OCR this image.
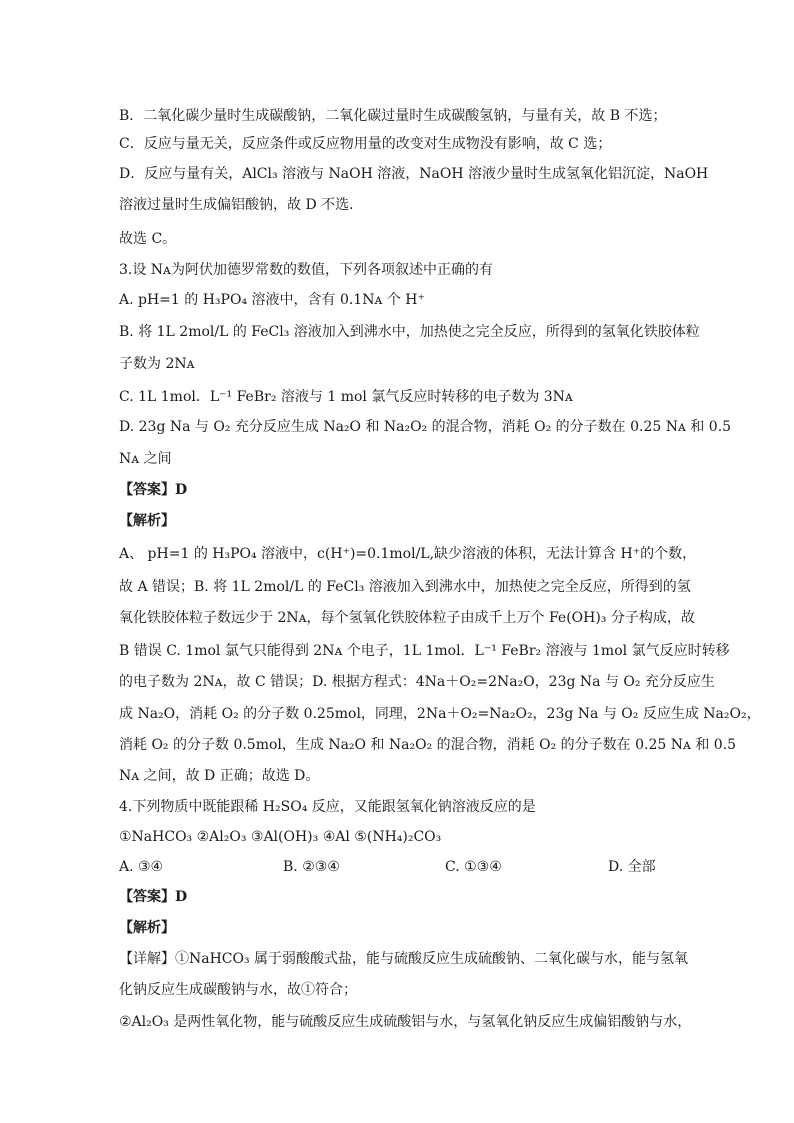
B．二氧化碳少量时生成碳酸钠，二氧化碳过量时生成碳酸氢钠，与量有关，故 B 不选；
C．反应与量无关，反应条件或反应物用量的改变对生成物没有影响，故 C 选；
D．反应与量有关，AlCl₃ 溶液与 NaOH 溶液，NaOH 溶液少量时生成氢氧化铝沉淀，NaOH
溶液过量时生成偏铝酸钠，故 D 不选．
故选 C。
3.设 Nᴀ为阿伏加德罗常数的数值，下列各项叙述中正确的有
A. pH=1 的 H₃PO₄ 溶液中，含有 0.1Nᴀ 个 H⁺
B. 将 1L 2mol/L 的 FeCl₃ 溶液加入到沸水中，加热使之完全反应，所得到的氢氧化铁胶体粒
子数为 2Nᴀ
C. 1L 1mol．L⁻¹ FeBr₂ 溶液与 1 mol 氯气反应时转移的电子数为 3Nᴀ
D. 23g Na 与 O₂ 充分反应生成 Na₂O 和 Na₂O₂ 的混合物，消耗 O₂ 的分子数在 0.25 Nᴀ 和 0.5
Nᴀ 之间
【答案】D
【解析】
A、 pH=1 的 H₃PO₄ 溶液中，c(H⁺)=0.1mol/L,缺少溶液的体积，无法计算含 H⁺的个数，
故 A 错误；B. 将 1L 2mol/L 的 FeCl₃ 溶液加入到沸水中，加热使之完全反应，所得到的氢
氧化铁胶体粒子数远少于 2Nᴀ，每个氢氧化铁胶体粒子由成千上万个 Fe(OH)₃ 分子构成，故
B 错误 C. 1mol 氯气只能得到 2Nᴀ 个电子，1L 1mol．L⁻¹ FeBr₂ 溶液与 1mol 氯气反应时转移
的电子数为 2Nᴀ，故 C 错误；D. 根据方程式：4Na＋O₂=2Na₂O，23g Na 与 O₂ 充分反应生
成 Na₂O，消耗 O₂ 的分子数 0.25mol，同理，2Na＋O₂=Na₂O₂，23g Na 与 O₂ 反应生成 Na₂O₂，
消耗 O₂ 的分子数 0.5mol，生成 Na₂O 和 Na₂O₂ 的混合物，消耗 O₂ 的分子数在 0.25 Nᴀ 和 0.5
Nᴀ 之间，故 D 正确；故选 D。
4.下列物质中既能跟稀 H₂SO₄ 反应，又能跟氢氧化钠溶液反应的是
①NaHCO₃ ②Al₂O₃ ③Al(OH)₃ ④Al ⑤(NH₄)₂CO₃
A. ③④	B. ②③④	C. ①③④	D. 全部
【答案】D
【解析】
【详解】①NaHCO₃ 属于弱酸酸式盐，能与硫酸反应生成硫酸钠、二氧化碳与水，能与氢氧
化钠反应生成碳酸钠与水，故①符合；
②Al₂O₃ 是两性氧化物，能与硫酸反应生成硫酸铝与水，与氢氧化钠反应生成偏铝酸钠与水，
